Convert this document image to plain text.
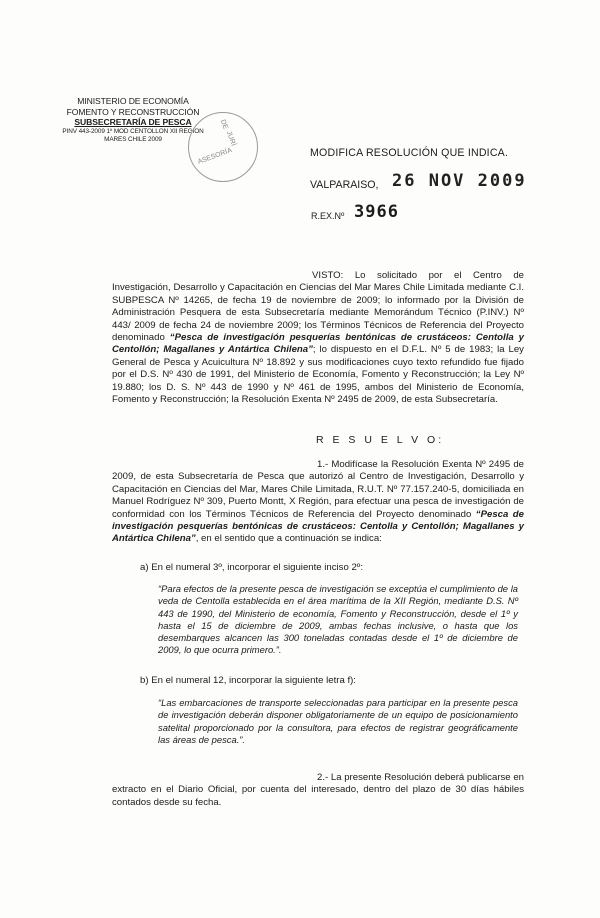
MINISTERIO DE ECONOMÍA
FOMENTO Y RECONSTRUCCIÓN
SUBSECRETARÍA DE PESCA
PINV 443-2009 1º MOD CENTOLLON XII REGION
MARES CHILE 2009
DE
JURÍ
ASESORÍA	MODIFICA RESOLUCIÓN QUE INDICA.
VALPARAISO, 26 NOV 2009
R.EX.Nº 3966
VISTO: Lo solicitado por el Centro de Investigación, Desarrollo y Capacitación en Ciencias del Mar Mares Chile Limitada mediante C.I. SUBPESCA Nº 14265, de fecha 19 de noviembre de 2009; lo informado por la División de Administración Pesquera de esta Subsecretaría mediante Memorándum Técnico (P.INV.) Nº 443/ 2009 de fecha 24 de noviembre 2009; los Términos Técnicos de Referencia del Proyecto denominado “Pesca de investigación pesquerías bentónicas de crustáceos: Centolla y Centollón; Magallanes y Antártica Chilena”; lo dispuesto en el D.F.L. Nº 5 de 1983; la Ley General de Pesca y Acuicultura Nº 18.892 y sus modificaciones cuyo texto refundido fue fijado por el D.S. Nº 430 de 1991, del Ministerio de Economía, Fomento y Reconstrucción; la Ley Nº 19.880; los D. S. Nº 443 de 1990 y Nº 461 de 1995, ambos del Ministerio de Economía, Fomento y Reconstrucción; la Resolución Exenta Nº 2495 de 2009, de esta Subsecretaría.
R E S U E L V O:
1.- Modifícase la Resolución Exenta Nº 2495 de 2009, de esta Subsecretaría de Pesca que autorizó al Centro de Investigación, Desarrollo y Capacitación en Ciencias del Mar, Mares Chile Limitada, R.U.T. Nº 77.157.240-5, domiciliada en Manuel Rodríguez Nº 309, Puerto Montt, X Región, para efectuar una pesca de investigación de conformidad con los Términos Técnicos de Referencia del Proyecto denominado “Pesca de investigación pesquerías bentónicas de crustáceos: Centolla y Centollón; Magallanes y Antártica Chilena”, en el sentido que a continuación se indica:
a) En el numeral 3º, incorporar el siguiente inciso 2º:
“Para efectos de la presente pesca de investigación se exceptúa el cumplimiento de la veda de Centolla establecida en el área marítima de la XII Región, mediante D.S. Nº 443 de 1990, del Ministerio de economía, Fomento y Reconstrucción, desde el 1º y hasta el 15 de diciembre de 2009, ambas fechas inclusive, o hasta que los desembarques alcancen las 300 toneladas contadas desde el 1º de diciembre de 2009, lo que ocurra primero.”.
b) En el numeral 12, incorporar la siguiente letra f):
“Las embarcaciones de transporte seleccionadas para participar en la presente pesca de investigación deberán disponer obligatoriamente de un equipo de posicionamiento satelital proporcionado por la consultora, para efectos de registrar geográficamente las áreas de pesca.”.
2.- La presente Resolución deberá publicarse en extracto en el Diario Oficial, por cuenta del interesado, dentro del plazo de 30 días hábiles contados desde su fecha.
